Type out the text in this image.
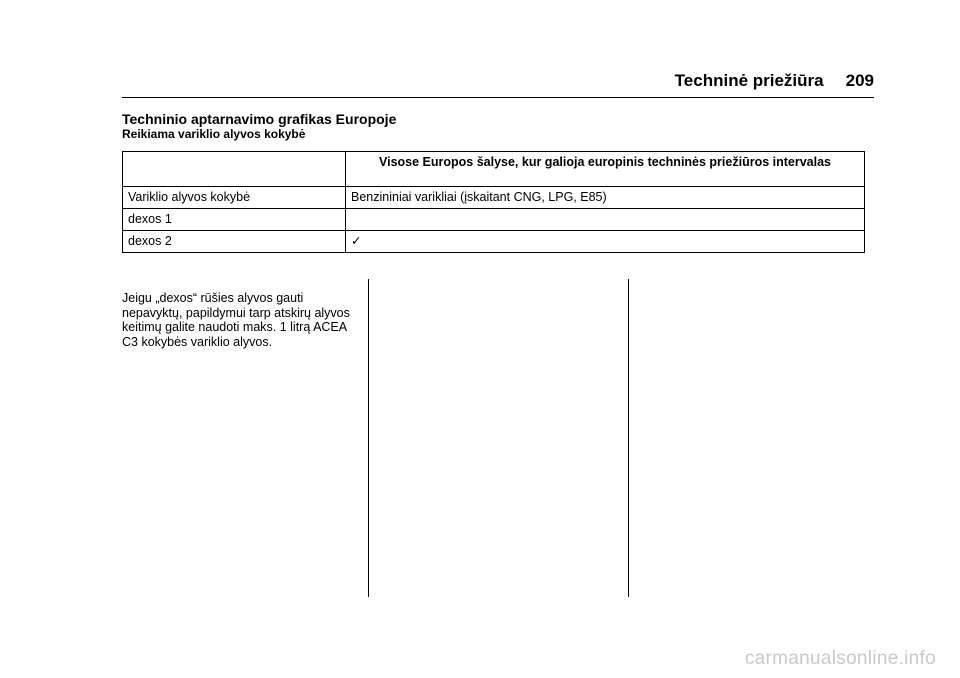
Techninė priežiūra 209
Techninio aptarnavimo grafikas Europoje
Reikiama variklio alyvos kokybė
	Visose Europos šalyse, kur galioja europinis techninės priežiūros intervalas
Variklio alyvos kokybė	Benzininiai varikliai (įskaitant CNG, LPG, E85)
dexos 1	
dexos 2	✓
Jeigu „dexos“ rūšies alyvos gauti nepavyktų, papildymui tarp atskirų alyvos keitimų galite naudoti maks. 1 litrą ACEA C3 kokybės variklio alyvos.
carmanualsonline.info
